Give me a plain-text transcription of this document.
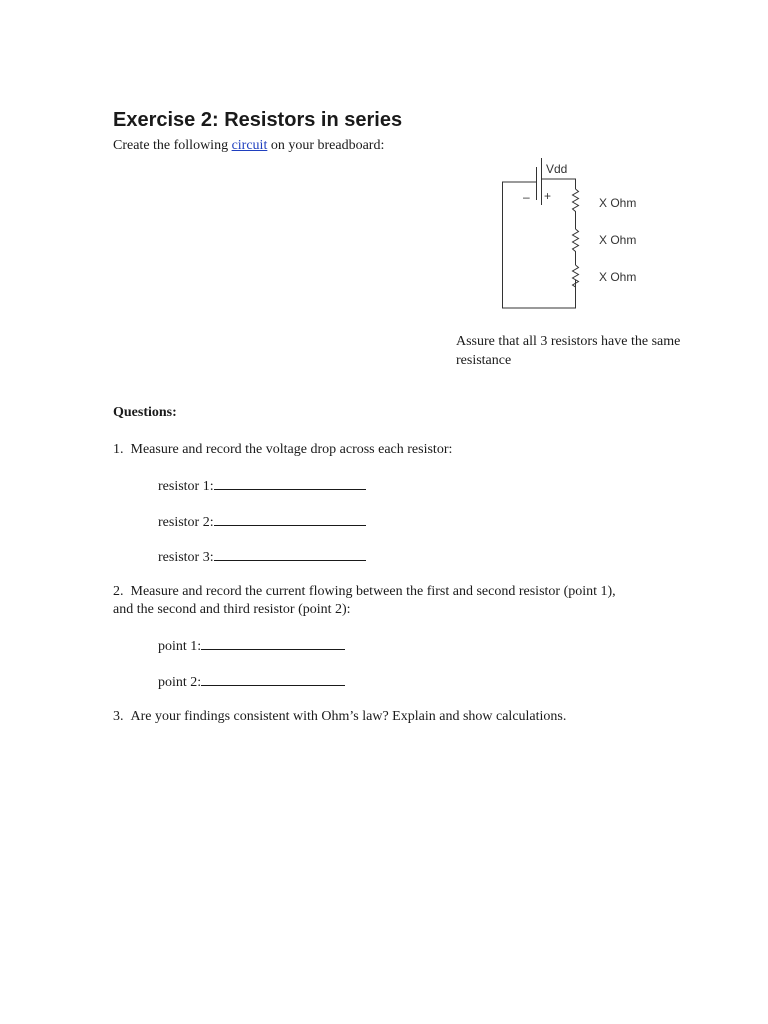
Exercise 2: Resistors in series
Create the following circuit on your breadboard:
Vdd
– +	X Ohm
X Ohm
X Ohm
Assure that all 3 resistors have the same
resistance
Questions:
1. Measure and record the voltage drop across each resistor:
resistor 1:
resistor 2:
resistor 3:
2. Measure and record the current flowing between the first and second resistor (point 1),
and the second and third resistor (point 2):
point 1:
point 2:
3. Are your findings consistent with Ohm’s law? Explain and show calculations.
